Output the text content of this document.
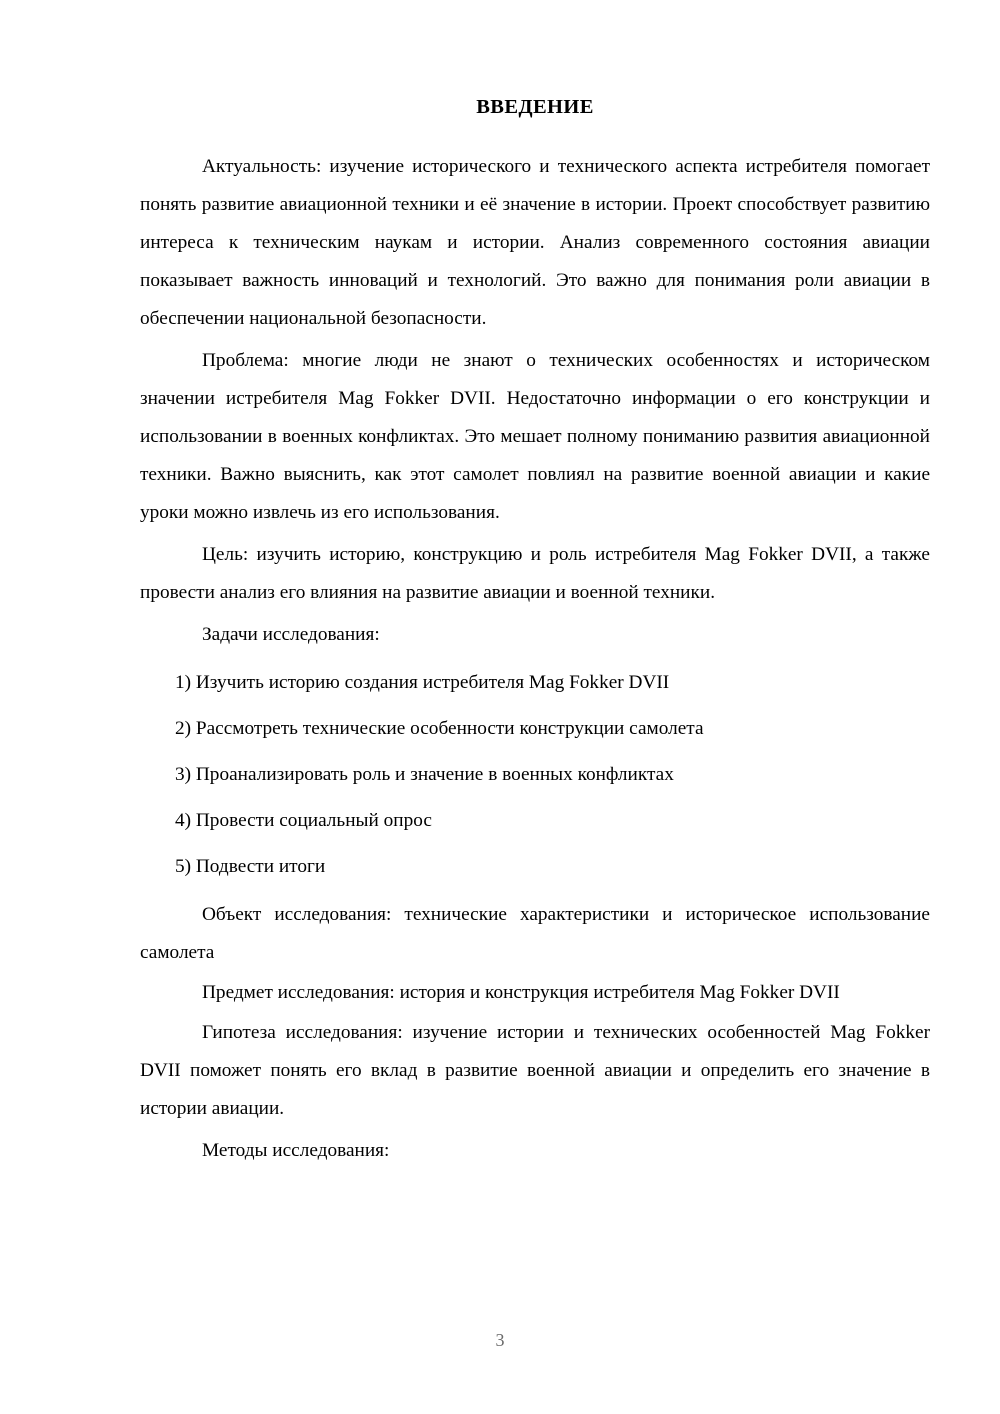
ВВЕДЕНИЕ

Актуальность: изучение исторического и технического аспекта истребителя помогает понять развитие авиационной техники и её значение в истории. Проект способствует развитию интереса к техническим наукам и истории. Анализ современного состояния авиации показывает важность инноваций и технологий. Это важно для понимания роли авиации в обеспечении национальной безопасности.

Проблема: многие люди не знают о технических особенностях и историческом значении истребителя Mag Fokker DVII. Недостаточно информации о его конструкции и использовании в военных конфликтах. Это мешает полному пониманию развития авиационной техники. Важно выяснить, как этот самолет повлиял на развитие военной авиации и какие уроки можно извлечь из его использования.

Цель: изучить историю, конструкцию и роль истребителя Mag Fokker DVII, а также провести анализ его влияния на развитие авиации и военной техники.

Задачи исследования:

1) Изучить историю создания истребителя Mag Fokker DVII
2) Рассмотреть технические особенности конструкции самолета
3) Проанализировать роль и значение в военных конфликтах
4) Провести социальный опрос
5) Подвести итоги

Объект исследования: технические характеристики и историческое использование самолета

Предмет исследования: история и конструкция истребителя Mag Fokker DVII

Гипотеза исследования: изучение истории и технических особенностей Mag Fokker DVII поможет понять его вклад в развитие военной авиации и определить его значение в истории авиации.

Методы исследования:

3
